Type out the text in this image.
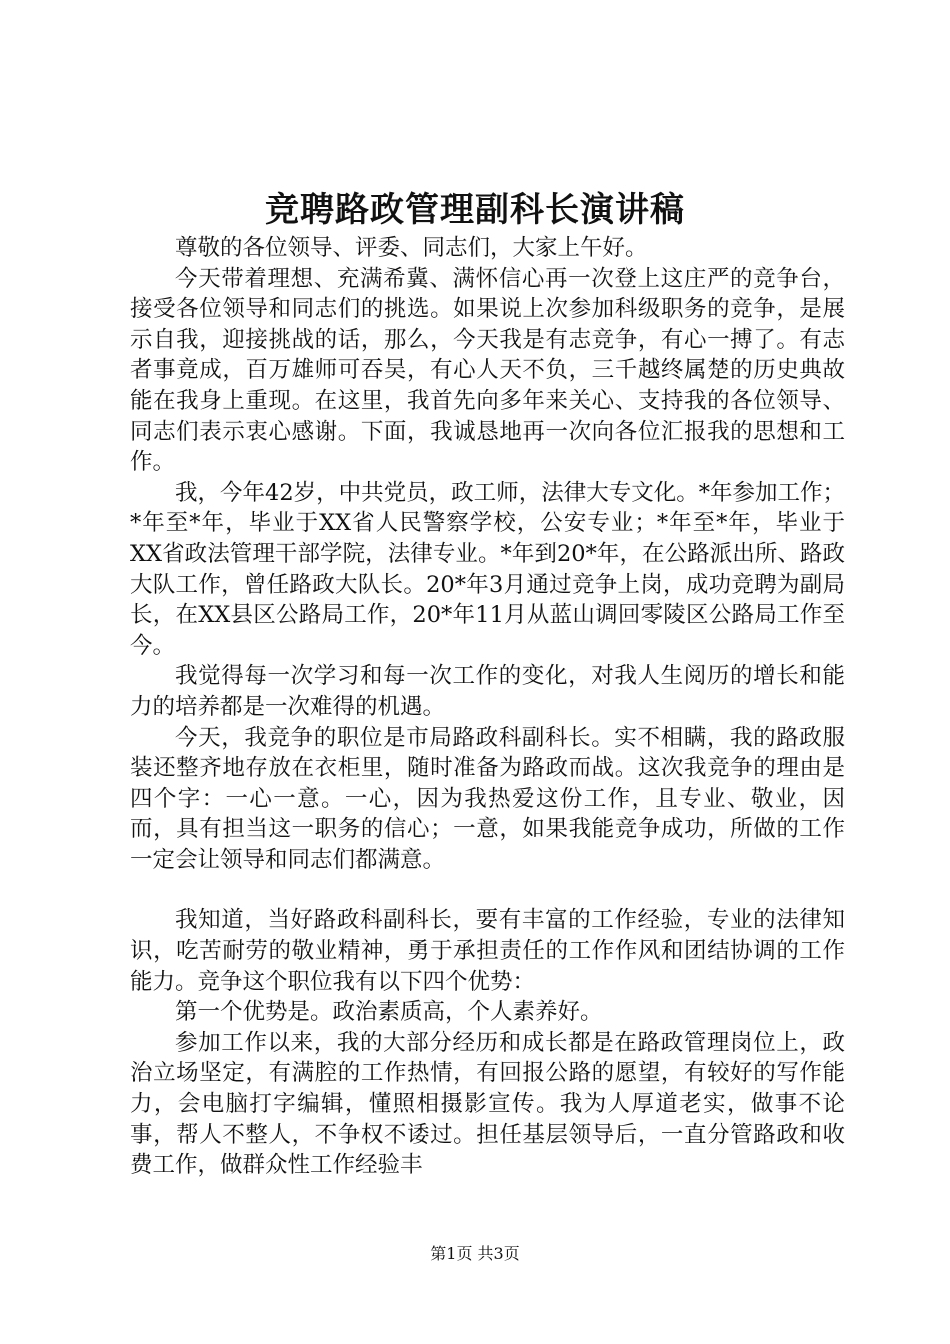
竞聘路政管理副科长演讲稿

尊敬的各位领导、评委、同志们，大家上午好。

今天带着理想、充满希冀、满怀信心再一次登上这庄严的竞争台，接受各位领导和同志们的挑选。如果说上次参加科级职务的竞争，是展示自我，迎接挑战的话，那么，今天我是有志竞争，有心一搏了。有志者事竟成，百万雄师可吞吴，有心人天不负，三千越终属楚的历史典故能在我身上重现。在这里，我首先向多年来关心、支持我的各位领导、同志们表示衷心感谢。下面，我诚恳地再一次向各位汇报我的思想和工作。

我，今年42岁，中共党员，政工师，法律大专文化。*年参加工作；*年至*年，毕业于XX省人民警察学校，公安专业；*年至*年，毕业于XX省政法管理干部学院，法律专业。*年到20*年，在公路派出所、路政大队工作，曾任路政大队长。20*年3月通过竞争上岗，成功竞聘为副局长，在XX县区公路局工作，20*年11月从蓝山调回零陵区公路局工作至今。

我觉得每一次学习和每一次工作的变化，对我人生阅历的增长和能力的培养都是一次难得的机遇。

今天，我竞争的职位是市局路政科副科长。实不相瞒，我的路政服装还整齐地存放在衣柜里，随时准备为路政而战。这次我竞争的理由是四个字：一心一意。一心，因为我热爱这份工作，且专业、敬业，因而，具有担当这一职务的信心；一意，如果我能竞争成功，所做的工作一定会让领导和同志们都满意。

我知道，当好路政科副科长，要有丰富的工作经验，专业的法律知识，吃苦耐劳的敬业精神，勇于承担责任的工作作风和团结协调的工作能力。竞争这个职位我有以下四个优势：

第一个优势是。政治素质高，个人素养好。

参加工作以来，我的大部分经历和成长都是在路政管理岗位上，政治立场坚定，有满腔的工作热情，有回报公路的愿望，有较好的写作能力，会电脑打字编辑，懂照相摄影宣传。我为人厚道老实，做事不论事，帮人不整人，不争权不诿过。担任基层领导后，一直分管路政和收费工作，做群众性工作经验丰

第1页 共3页
